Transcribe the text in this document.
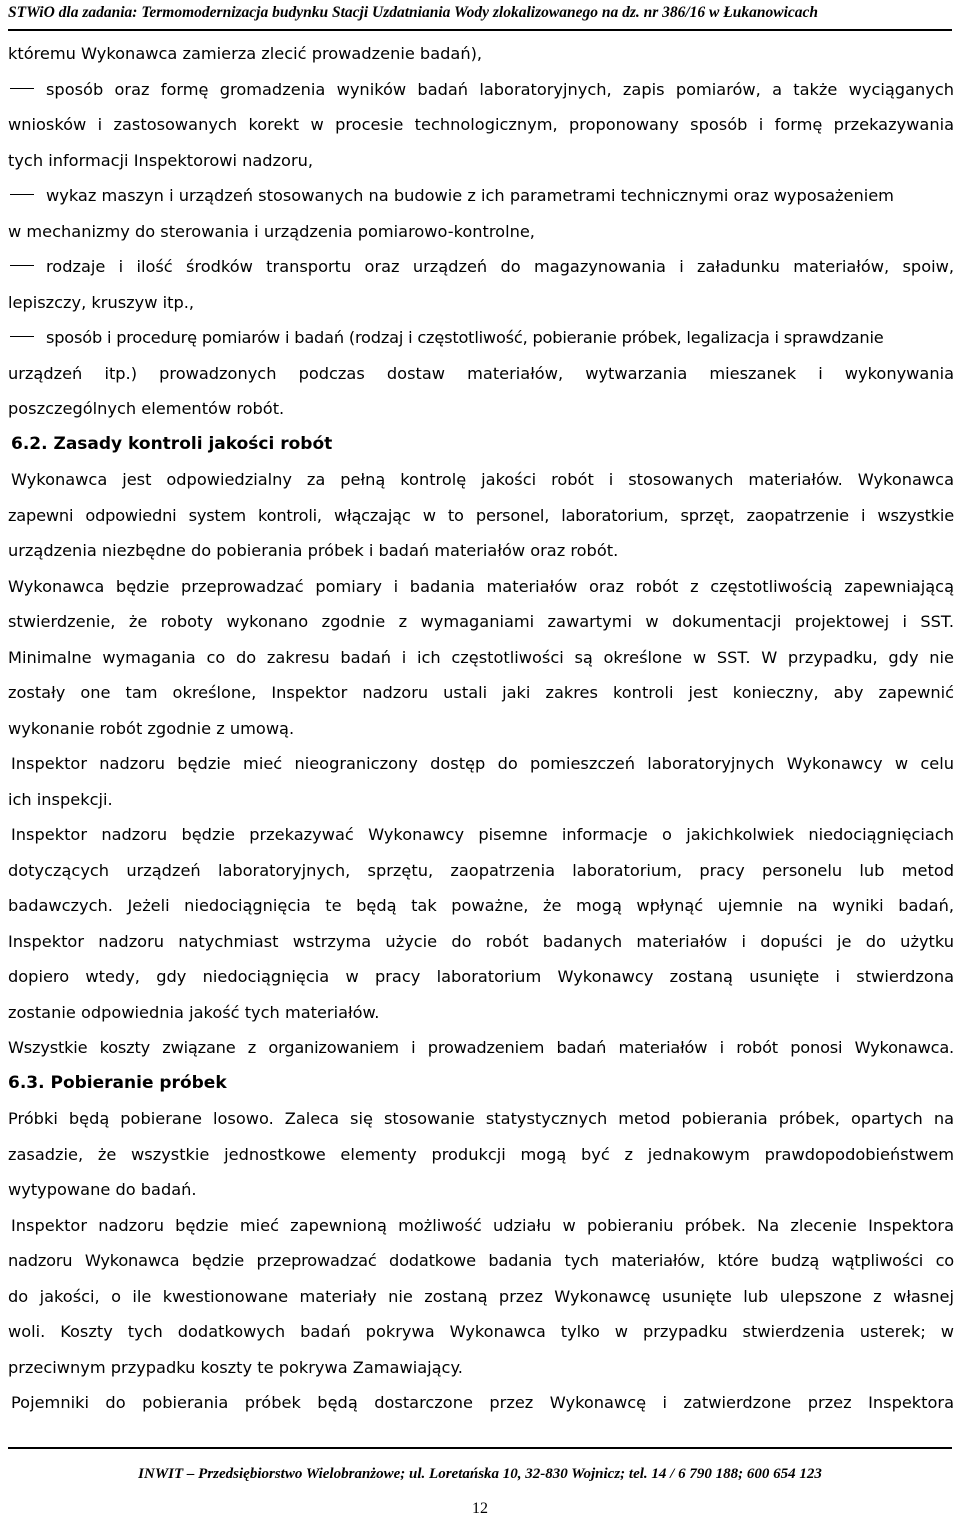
STWiO dla zadania: Termomodernizacja budynku Stacji Uzdatniania Wody zlokalizowanego na dz. nr 386/16 w Łukanowicach
któremu Wykonawca zamierza zlecić prowadzenie badań),
sposób oraz formę gromadzenia wyników badań laboratoryjnych, zapis pomiarów, a także wyciąganych
wniosków i zastosowanych korekt w procesie technologicznym, proponowany sposób i formę przekazywania
tych informacji Inspektorowi nadzoru,
wykaz maszyn i urządzeń stosowanych na budowie z ich parametrami technicznymi oraz wyposażeniem
w mechanizmy do sterowania i urządzenia pomiarowo-kontrolne,
rodzaje i ilość środków transportu oraz urządzeń do magazynowania i załadunku materiałów, spoiw,
lepiszczy, kruszyw itp.,
sposób i procedurę pomiarów i badań (rodzaj i częstotliwość, pobieranie próbek, legalizacja i sprawdzanie
urządzeń itp.) prowadzonych podczas dostaw materiałów, wytwarzania mieszanek i wykonywania
poszczególnych elementów robót.
6.2. Zasady kontroli jakości robót
Wykonawca jest odpowiedzialny za pełną kontrolę jakości robót i stosowanych materiałów. Wykonawca
zapewni odpowiedni system kontroli, włączając w to personel, laboratorium, sprzęt, zaopatrzenie i wszystkie
urządzenia niezbędne do pobierania próbek i badań materiałów oraz robót.
Wykonawca będzie przeprowadzać pomiary i badania materiałów oraz robót z częstotliwością zapewniającą
stwierdzenie, że roboty wykonano zgodnie z wymaganiami zawartymi w dokumentacji projektowej i SST.
Minimalne wymagania co do zakresu badań i ich częstotliwości są określone w SST. W przypadku, gdy nie
zostały one tam określone, Inspektor nadzoru ustali jaki zakres kontroli jest konieczny, aby zapewnić
wykonanie robót zgodnie z umową.
Inspektor nadzoru będzie mieć nieograniczony dostęp do pomieszczeń laboratoryjnych Wykonawcy w celu
ich inspekcji.
Inspektor nadzoru będzie przekazywać Wykonawcy pisemne informacje o jakichkolwiek niedociągnięciach
dotyczących urządzeń laboratoryjnych, sprzętu, zaopatrzenia laboratorium, pracy personelu lub metod
badawczych. Jeżeli niedociągnięcia te będą tak poważne, że mogą wpłynąć ujemnie na wyniki badań,
Inspektor nadzoru natychmiast wstrzyma użycie do robót badanych materiałów i dopuści je do użytku
dopiero wtedy, gdy niedociągnięcia w pracy laboratorium Wykonawcy zostaną usunięte i stwierdzona
zostanie odpowiednia jakość tych materiałów.
Wszystkie koszty związane z organizowaniem i prowadzeniem badań materiałów i robót ponosi Wykonawca.
6.3. Pobieranie próbek
Próbki będą pobierane losowo. Zaleca się stosowanie statystycznych metod pobierania próbek, opartych na
zasadzie, że wszystkie jednostkowe elementy produkcji mogą być z jednakowym prawdopodobieństwem
wytypowane do badań.
Inspektor nadzoru będzie mieć zapewnioną możliwość udziału w pobieraniu próbek. Na zlecenie Inspektora
nadzoru Wykonawca będzie przeprowadzać dodatkowe badania tych materiałów, które budzą wątpliwości co
do jakości, o ile kwestionowane materiały nie zostaną przez Wykonawcę usunięte lub ulepszone z własnej
woli. Koszty tych dodatkowych badań pokrywa Wykonawca tylko w przypadku stwierdzenia usterek; w
przeciwnym przypadku koszty te pokrywa Zamawiający.
Pojemniki do pobierania próbek będą dostarczone przez Wykonawcę i zatwierdzone przez Inspektora
INWIT – Przedsiębiorstwo Wielobranżowe; ul. Loretańska 10, 32-830 Wojnicz; tel. 14 / 6 790 188; 600 654 123
12
